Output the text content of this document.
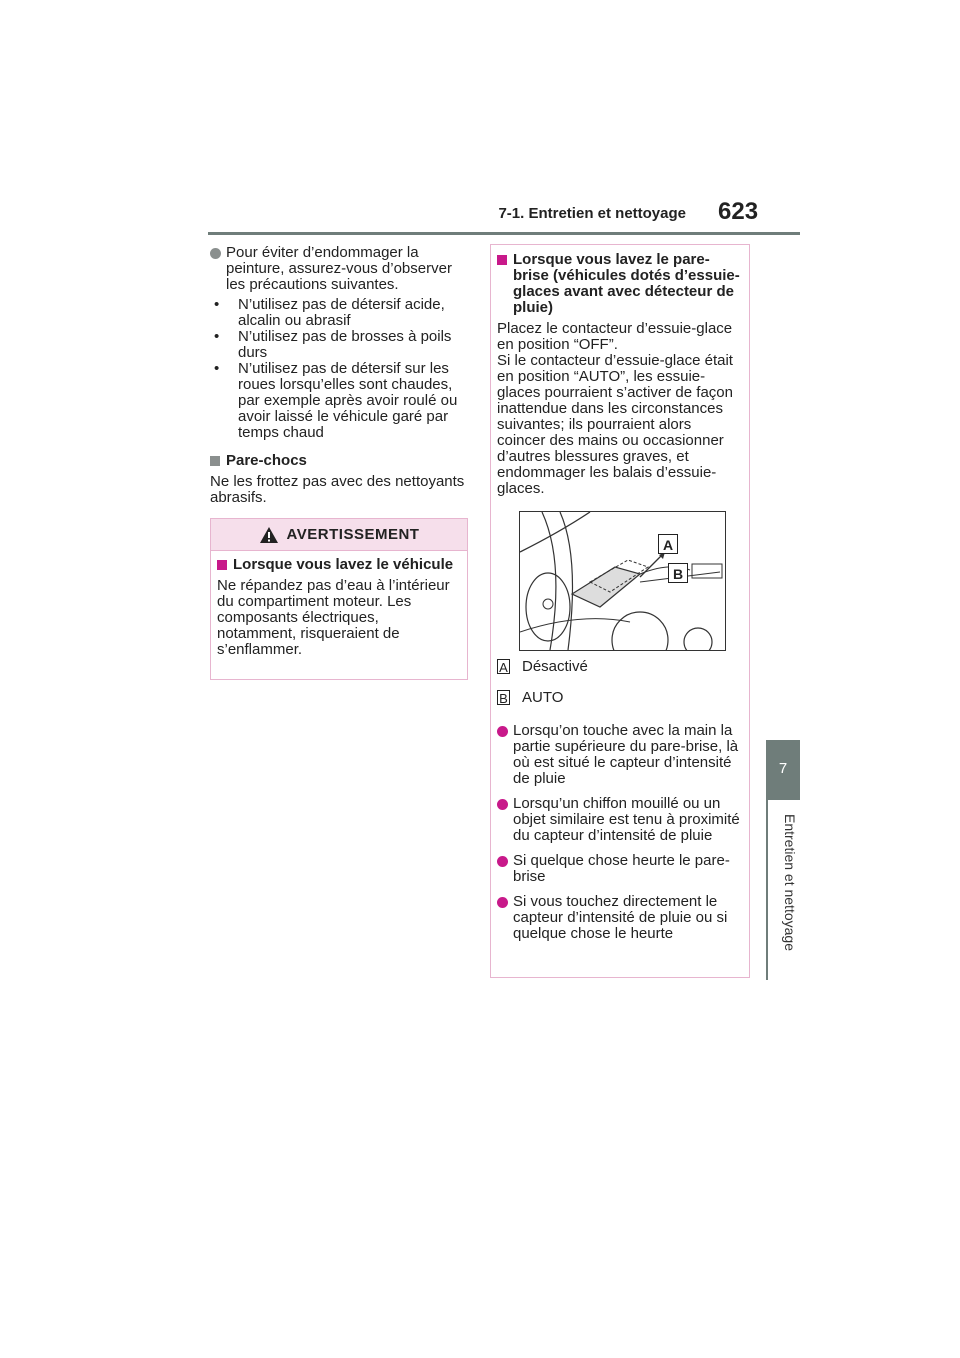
7-1. Entretien et nettoyage 623
7
Entretien et nettoyage
Pour éviter d’endommager la peinture, assurez-vous d’observer les précautions suivantes.
• N’utilisez pas de détersif acide, alcalin ou abrasif
• N’utilisez pas de brosses à poils durs
• N’utilisez pas de détersif sur les roues lorsqu’elles sont chaudes, par exemple après avoir roulé ou avoir laissé le véhicule garé par temps chaud
Pare-chocs

Ne les frottez pas avec des nettoyants abrasifs.

AVERTISSEMENT
Lorsque vous lavez le véhicule

Ne répandez pas d’eau à l’intérieur du compartiment moteur. Les composants électriques, notamment, risqueraient de s’enflammer.

Lorsque vous lavez le pare-brise (véhicules dotés d’essuie-glaces avant avec détecteur de pluie)

Placez le contacteur d’essuie-glace en position “OFF”.

Si le contacteur d’essuie-glace était en position “AUTO”, les essuie-glaces pourraient s’activer de façon inattendue dans les circonstances suivantes; ils pourraient alors coincer des mains ou occasionner d’autres blessures graves, et endommager les balais d’essuie-glaces.

A
B
A Désactivé
B AUTO
Lorsqu’on touche avec la main la partie supérieure du pare-brise, là où est situé le capteur d’intensité de pluie
Lorsqu’un chiffon mouillé ou un objet similaire est tenu à proximité du capteur d’intensité de pluie
Si quelque chose heurte le pare-brise
Si vous touchez directement le capteur d’intensité de pluie ou si quelque chose le heurte
